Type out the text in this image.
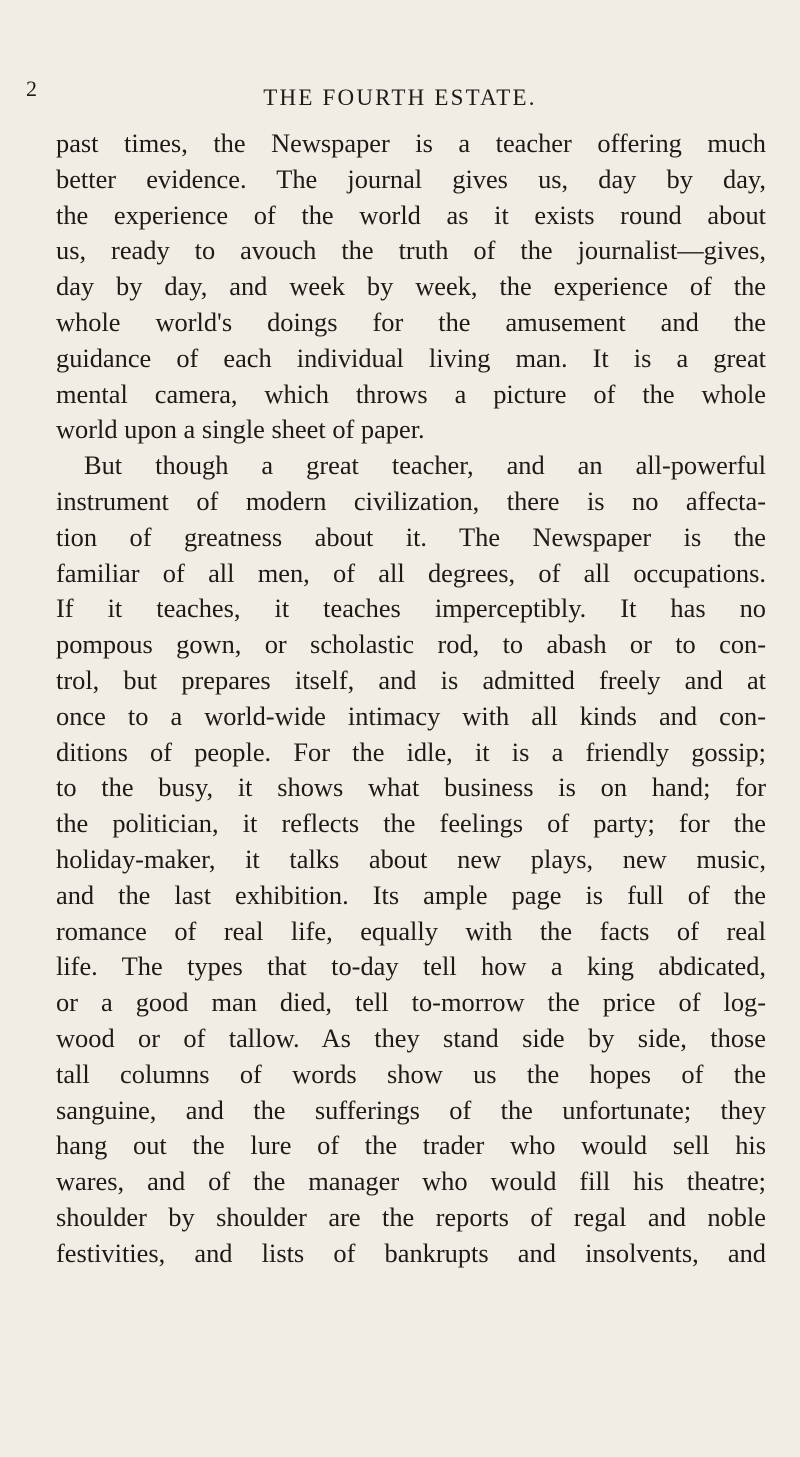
2	THE FOURTH ESTATE.
past times, the Newspaper is a teacher offering much
better evidence. The journal gives us, day by day,
the experience of the world as it exists round about
us, ready to avouch the truth of the journalist—gives,
day by day, and week by week, the experience of the
whole world's doings for the amusement and the
guidance of each individual living man. It is a great
mental camera, which throws a picture of the whole
world upon a single sheet of paper.
But though a great teacher, and an all-powerful
instrument of modern civilization, there is no affecta-
tion of greatness about it. The Newspaper is the
familiar of all men, of all degrees, of all occupations.
If it teaches, it teaches imperceptibly. It has no
pompous gown, or scholastic rod, to abash or to con-
trol, but prepares itself, and is admitted freely and at
once to a world-wide intimacy with all kinds and con-
ditions of people. For the idle, it is a friendly gossip;
to the busy, it shows what business is on hand; for
the politician, it reflects the feelings of party; for the
holiday-maker, it talks about new plays, new music,
and the last exhibition. Its ample page is full of the
romance of real life, equally with the facts of real
life. The types that to-day tell how a king abdicated,
or a good man died, tell to-morrow the price of log-
wood or of tallow. As they stand side by side, those
tall columns of words show us the hopes of the
sanguine, and the sufferings of the unfortunate; they
hang out the lure of the trader who would sell his
wares, and of the manager who would fill his theatre;
shoulder by shoulder are the reports of regal and noble
festivities, and lists of bankrupts and insolvents, and
